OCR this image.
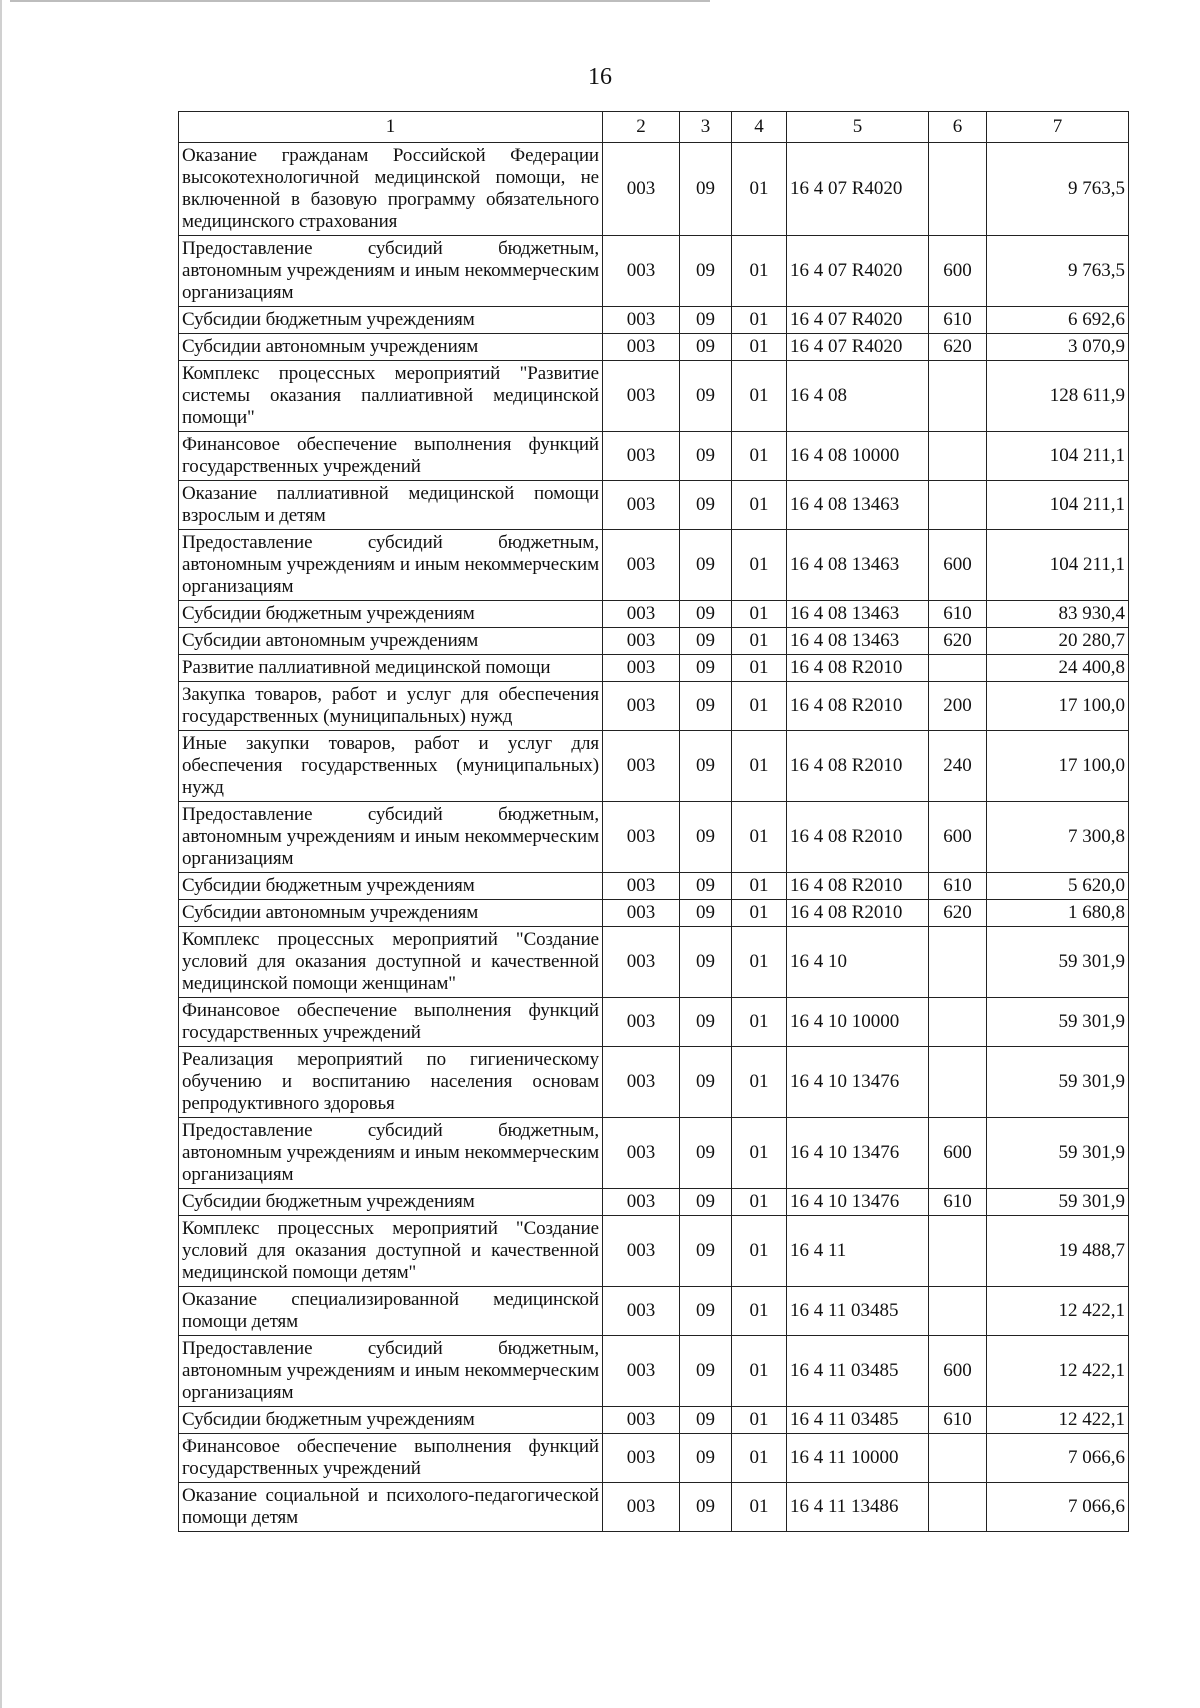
16
1	2	3	4	5	6	7
Оказание гражданам Российской Федерации высокотехнологичной медицинской помощи, не включенной в базовую программу обязательного медицинского страхования	003	09	01	16 4 07 R4020		9 763,5
Предоставление субсидий бюджетным, автономным учреждениям и иным некоммерческим организациям	003	09	01	16 4 07 R4020	600	9 763,5
Субсидии бюджетным учреждениям	003	09	01	16 4 07 R4020	610	6 692,6
Субсидии автономным учреждениям	003	09	01	16 4 07 R4020	620	3 070,9
Комплекс процессных мероприятий "Развитие системы оказания паллиативной медицинской помощи"	003	09	01	16 4 08		128 611,9
Финансовое обеспечение выполнения функций государственных учреждений	003	09	01	16 4 08 10000		104 211,1
Оказание паллиативной медицинской помощи взрослым и детям	003	09	01	16 4 08 13463		104 211,1
Предоставление субсидий бюджетным, автономным учреждениям и иным некоммерческим организациям	003	09	01	16 4 08 13463	600	104 211,1
Субсидии бюджетным учреждениям	003	09	01	16 4 08 13463	610	83 930,4
Субсидии автономным учреждениям	003	09	01	16 4 08 13463	620	20 280,7
Развитие паллиативной медицинской помощи	003	09	01	16 4 08 R2010		24 400,8
Закупка товаров, работ и услуг для обеспечения государственных (муниципальных) нужд	003	09	01	16 4 08 R2010	200	17 100,0
Иные закупки товаров, работ и услуг для обеспечения государственных (муниципальных) нужд	003	09	01	16 4 08 R2010	240	17 100,0
Предоставление субсидий бюджетным, автономным учреждениям и иным некоммерческим организациям	003	09	01	16 4 08 R2010	600	7 300,8
Субсидии бюджетным учреждениям	003	09	01	16 4 08 R2010	610	5 620,0
Субсидии автономным учреждениям	003	09	01	16 4 08 R2010	620	1 680,8
Комплекс процессных мероприятий "Создание условий для оказания доступной и качественной медицинской помощи женщинам"	003	09	01	16 4 10		59 301,9
Финансовое обеспечение выполнения функций государственных учреждений	003	09	01	16 4 10 10000		59 301,9
Реализация мероприятий по гигиеническому обучению и воспитанию населения основам репродуктивного здоровья	003	09	01	16 4 10 13476		59 301,9
Предоставление субсидий бюджетным, автономным учреждениям и иным некоммерческим организациям	003	09	01	16 4 10 13476	600	59 301,9
Субсидии бюджетным учреждениям	003	09	01	16 4 10 13476	610	59 301,9
Комплекс процессных мероприятий "Создание условий для оказания доступной и качественной медицинской помощи детям"	003	09	01	16 4 11		19 488,7
Оказание специализированной медицинской помощи детям	003	09	01	16 4 11 03485		12 422,1
Предоставление субсидий бюджетным, автономным учреждениям и иным некоммерческим организациям	003	09	01	16 4 11 03485	600	12 422,1
Субсидии бюджетным учреждениям	003	09	01	16 4 11 03485	610	12 422,1
Финансовое обеспечение выполнения функций государственных учреждений	003	09	01	16 4 11 10000		7 066,6
Оказание социальной и психолого-педагогической помощи детям	003	09	01	16 4 11 13486		7 066,6
